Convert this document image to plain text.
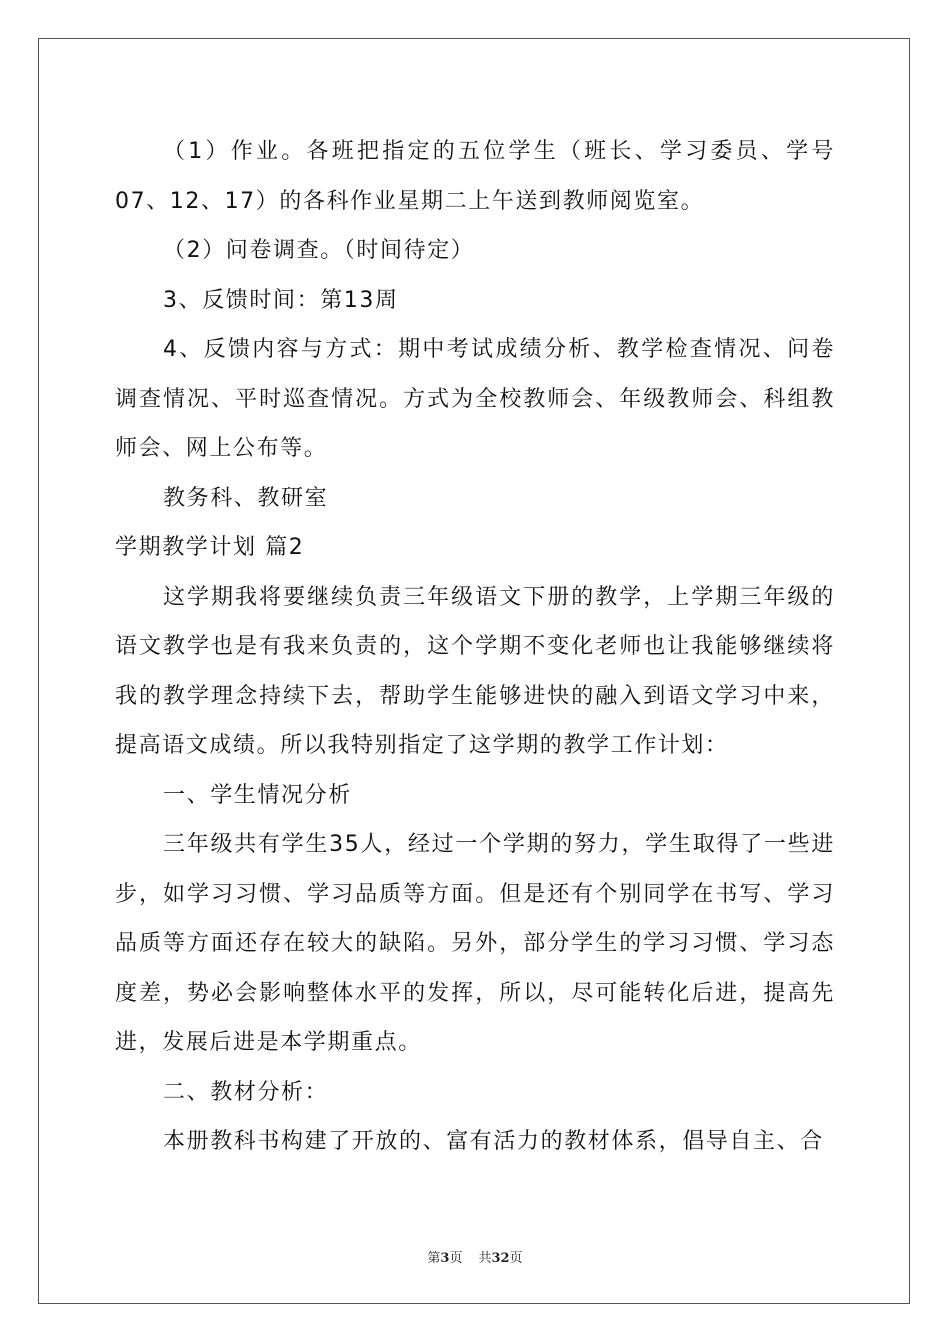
（1）作业。各班把指定的五位学生（班长、学习委员、学号07、12、17）的各科作业星期二上午送到教师阅览室。

（2）问卷调查。（时间待定）

3、反馈时间：第13周

4、反馈内容与方式：期中考试成绩分析、教学检查情况、问卷调查情况、平时巡查情况。方式为全校教师会、年级教师会、科组教师会、网上公布等。

教务科、教研室

学期教学计划 篇2

这学期我将要继续负责三年级语文下册的教学，上学期三年级的语文教学也是有我来负责的，这个学期不变化老师也让我能够继续将我的教学理念持续下去，帮助学生能够进快的融入到语文学习中来，提高语文成绩。所以我特别指定了这学期的教学工作计划：

一、学生情况分析

三年级共有学生35人，经过一个学期的努力，学生取得了一些进步，如学习习惯、学习品质等方面。但是还有个别同学在书写、学习品质等方面还存在较大的缺陷。另外，部分学生的学习习惯、学习态度差，势必会影响整体水平的发挥，所以，尽可能转化后进，提高先进，发展后进是本学期重点。

二、教材分析：

本册教科书构建了开放的、富有活力的教材体系，倡导自主、合

第3页 共32页
